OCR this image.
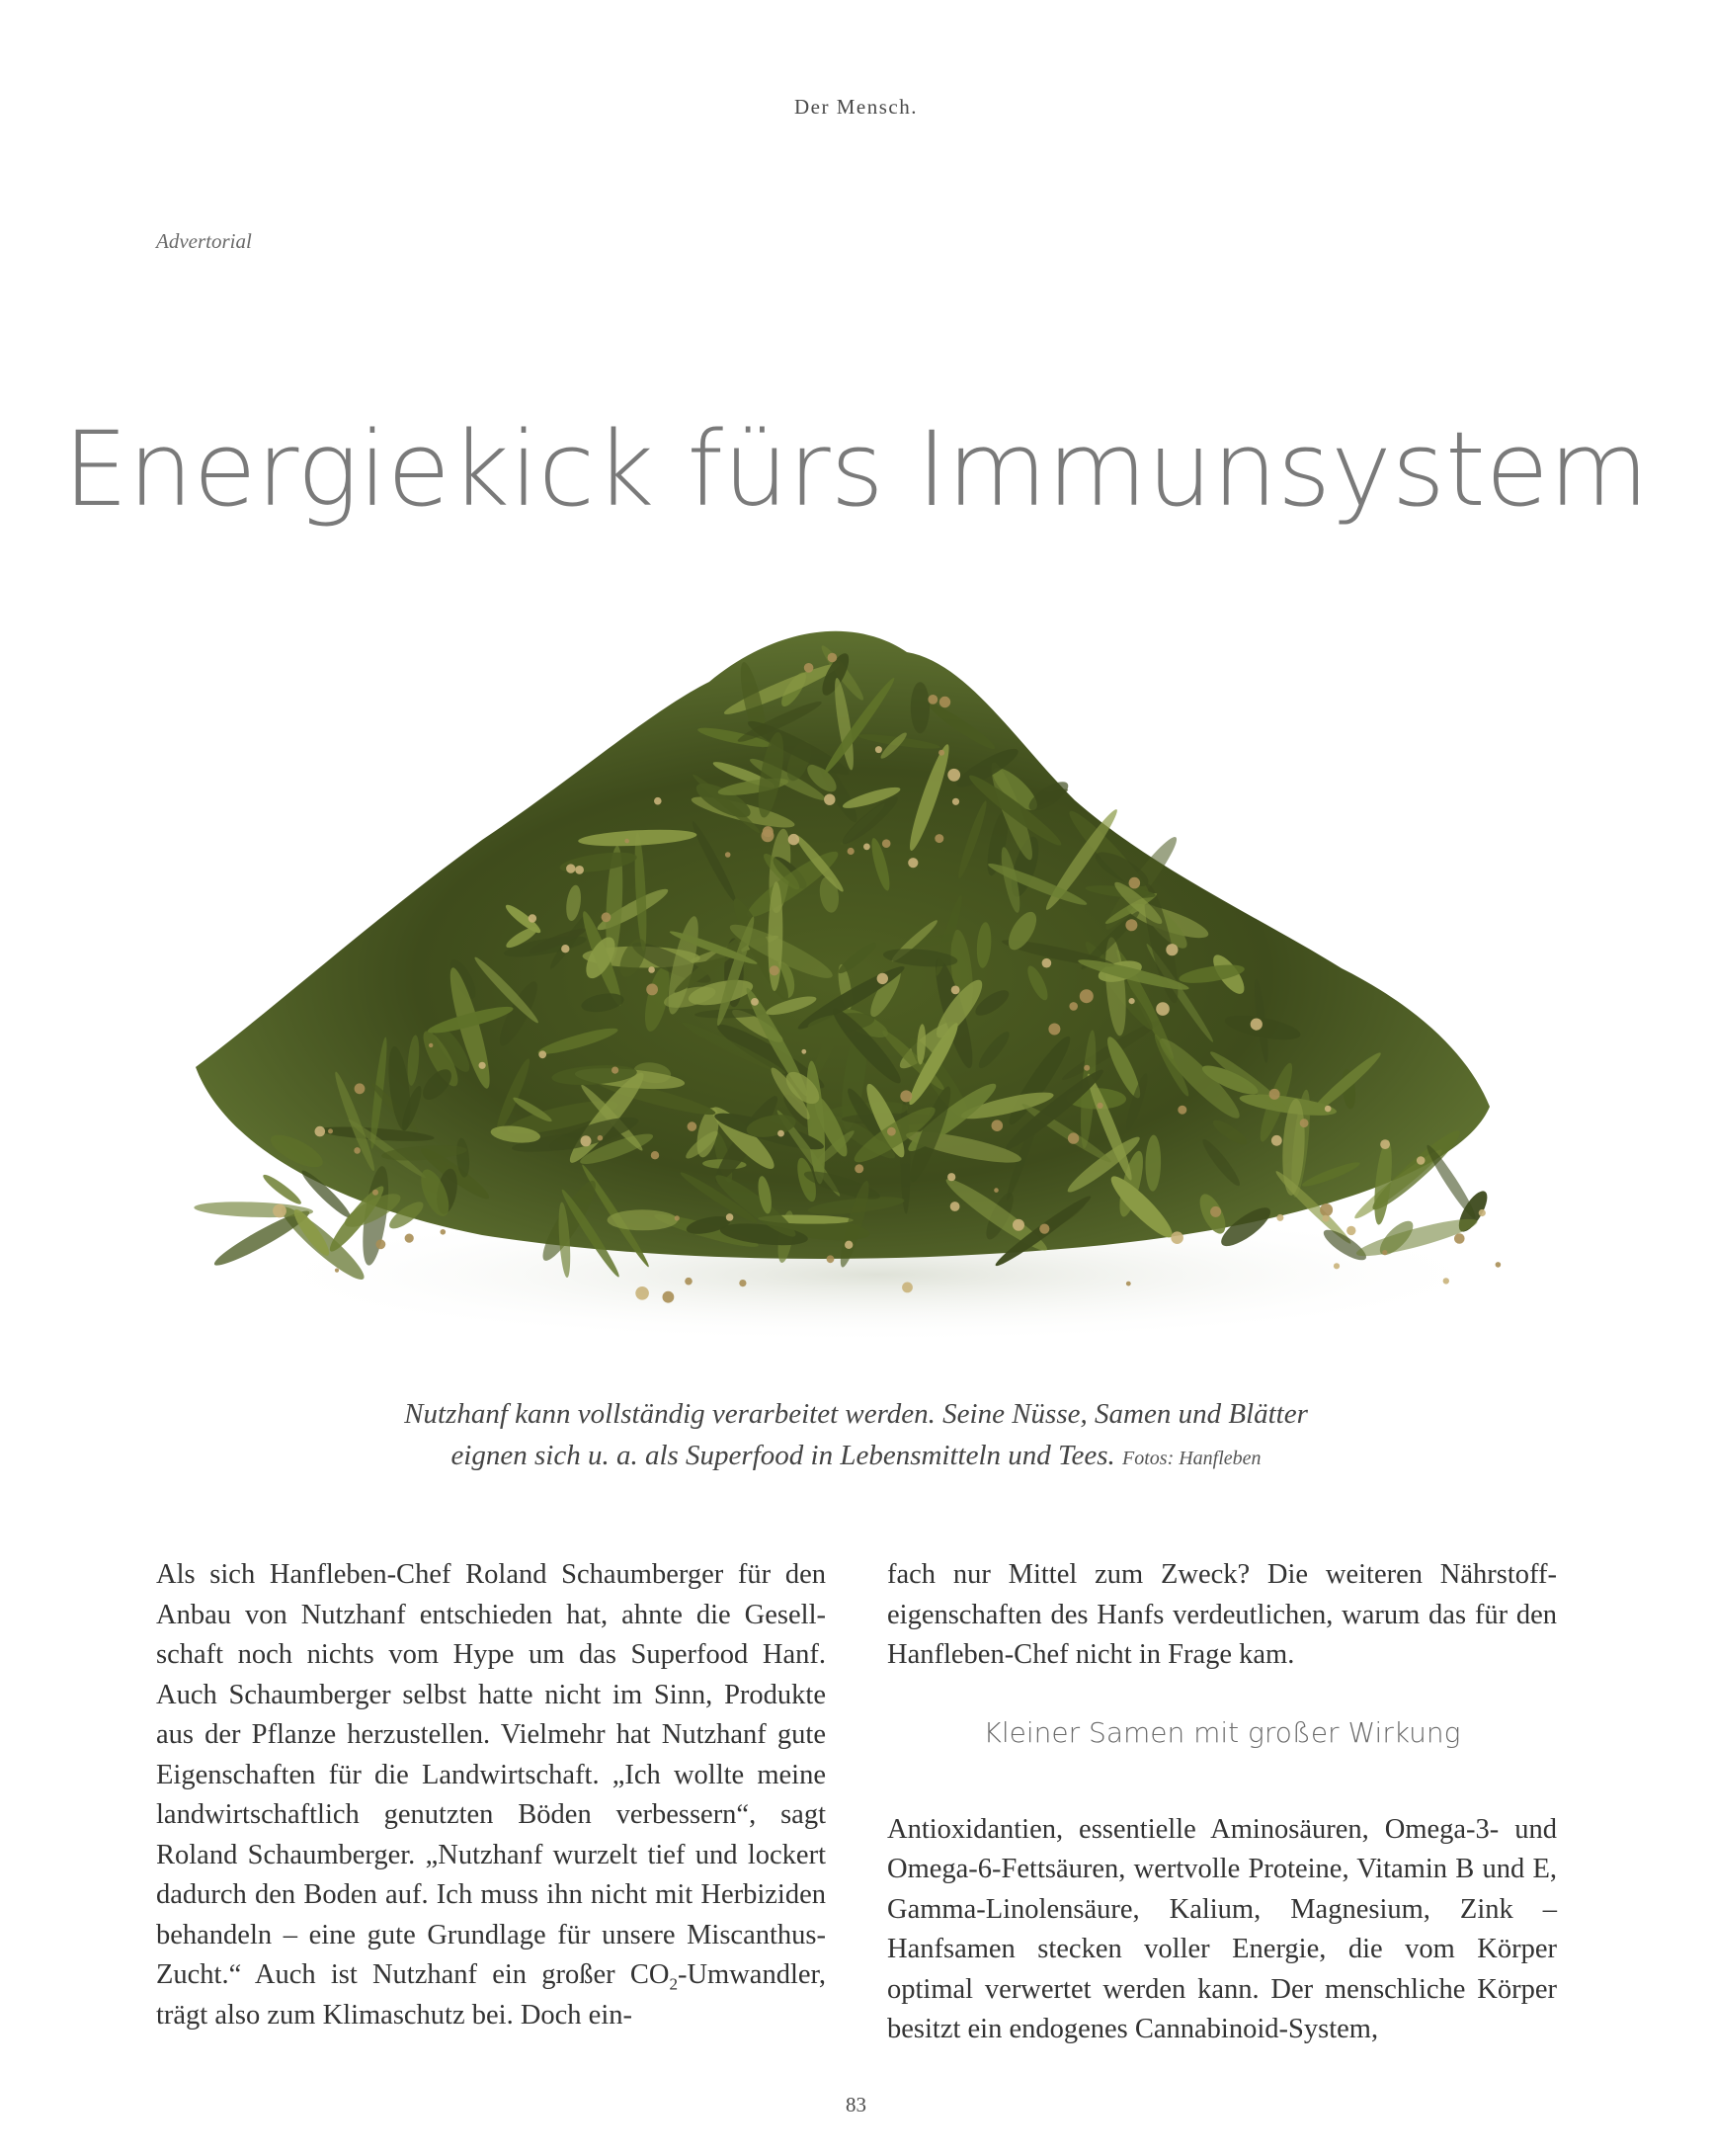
Der Mensch.
Advertorial
Energiekick fürs Immunsystem
Nutzhanf kann vollständig verarbeitet werden. Seine Nüsse, Samen und Blätter
eignen sich u. a. als Superfood in Lebensmitteln und Tees. Fotos: Hanfleben

Als sich Hanfleben-Chef Roland Schaumberger für den Anbau von Nutzhanf entschieden hat, ahnte die Gesellschaft noch nichts vom Hype um das Superfood Hanf. Auch Schaumberger selbst hatte nicht im Sinn, Produkte aus der Pflanze herzustellen. Vielmehr hat Nutzhanf gute Eigenschaften für die Landwirtschaft. „Ich wollte meine landwirtschaftlich genutzten Böden verbessern“, sagt Roland Schaumberger. „Nutzhanf wurzelt tief und lockert dadurch den Boden auf. Ich muss ihn nicht mit Herbiziden behandeln – eine gute Grundlage für unsere Miscanthus-Zucht.“ Auch ist Nutzhanf ein großer $CO_2$-Umwandler, trägt also zum Klimaschutz bei. Doch ein-

fach nur Mittel zum Zweck? Die weiteren Nährstoffeigenschaften des Hanfs verdeutlichen, warum das für den Hanfleben-Chef nicht in Frage kam.

Kleiner Samen mit großer Wirkung

Antioxidantien, essentielle Aminosäuren, Omega-3- und Omega-6-Fettsäuren, wertvolle Proteine, Vitamin B und E, Gamma-Linolensäure, Kalium, Magnesium, Zink – Hanfsamen stecken voller Energie, die vom Körper optimal verwertet werden kann. Der menschliche Körper besitzt ein endogenes Cannabinoid-System,

83
